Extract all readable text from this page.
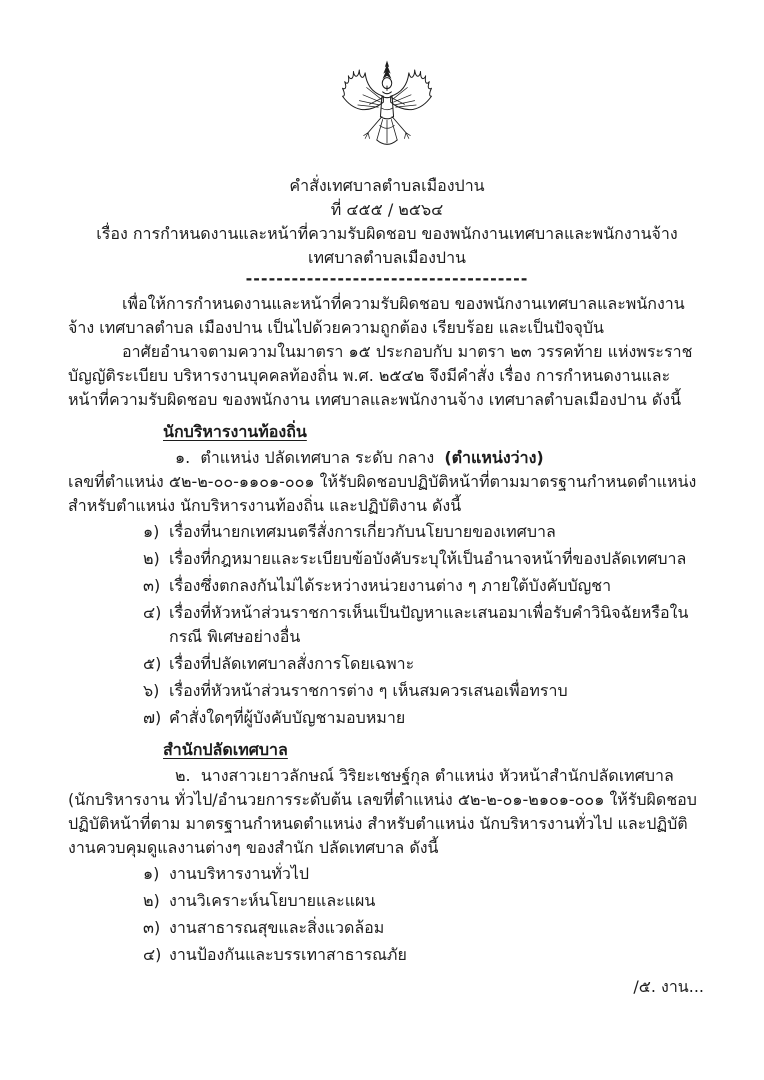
คำสั่งเทศบาลตำบลเมืองปาน

ที่ ๔๕๕ / ๒๕๖๔

เรื่อง การกำหนดงานและหน้าที่ความรับผิดชอบ ของพนักงานเทศบาลและพนักงานจ้าง

เทศบาลตำบลเมืองปาน

-------------------------------------

เพื่อให้การกำหนดงานและหน้าที่ความรับผิดชอบ ของพนักงานเทศบาลและพนักงานจ้าง เทศบาลตำบล เมืองปาน เป็นไปด้วยความถูกต้อง เรียบร้อย และเป็นปัจจุบัน

อาศัยอำนาจตามความในมาตรา ๑๕ ประกอบกับ มาตรา ๒๓ วรรคท้าย แห่งพระราชบัญญัติระเบียบ บริหารงานบุคคลท้องถิ่น พ.ศ. ๒๕๔๒ จึงมีคำสั่ง เรื่อง การกำหนดงานและหน้าที่ความรับผิดชอบ ของพนักงาน เทศบาลและพนักงานจ้าง เทศบาลตำบลเมืองปาน ดังนี้

นักบริหารงานท้องถิ่น

๑. ตำแหน่ง ปลัดเทศบาล ระดับ กลาง  (ตำแหน่งว่าง)

เลขที่ตำแหน่ง ๕๒-๒-๐๐-๑๑๐๑-๐๐๑ ให้รับผิดชอบปฏิบัติหน้าที่ตามมาตรฐานกำหนดตำแหน่ง สำหรับตำแหน่ง นักบริหารงานท้องถิ่น และปฏิบัติงาน ดังนี้

๑) เรื่องที่นายกเทศมนตรีสั่งการเกี่ยวกับนโยบายของเทศบาล
๒) เรื่องที่กฎหมายและระเบียบข้อบังคับระบุให้เป็นอำนาจหน้าที่ของปลัดเทศบาล
๓) เรื่องซึ่งตกลงกันไม่ได้ระหว่างหน่วยงานต่าง ๆ ภายใต้บังคับบัญชา
๔) เรื่องที่หัวหน้าส่วนราชการเห็นเป็นปัญหาและเสนอมาเพื่อรับคำวินิจฉัยหรือในกรณี พิเศษอย่างอื่น
๕) เรื่องที่ปลัดเทศบาลสั่งการโดยเฉพาะ
๖) เรื่องที่หัวหน้าส่วนราชการต่าง ๆ เห็นสมควรเสนอเพื่อทราบ
๗) คำสั่งใดๆที่ผู้บังคับบัญชามอบหมาย

สำนักปลัดเทศบาล

๒. นางสาวเยาวลักษณ์ วิริยะเชษฐ์กุล ตำแหน่ง หัวหน้าสำนักปลัดเทศบาล

(นักบริหารงาน ทั่วไป/อำนวยการระดับต้น เลขที่ตำแหน่ง ๕๒-๒-๐๑-๒๑๐๑-๐๐๑ ให้รับผิดชอบปฏิบัติหน้าที่ตาม มาตรฐานกำหนดตำแหน่ง สำหรับตำแหน่ง นักบริหารงานทั่วไป และปฏิบัติงานควบคุมดูแลงานต่างๆ ของสำนัก ปลัดเทศบาล ดังนี้

๑) งานบริหารงานทั่วไป
๒) งานวิเคราะห์นโยบายและแผน
๓) งานสาธารณสุขและสิ่งแวดล้อม
๔) งานป้องกันและบรรเทาสาธารณภัย

/๕. งาน...
